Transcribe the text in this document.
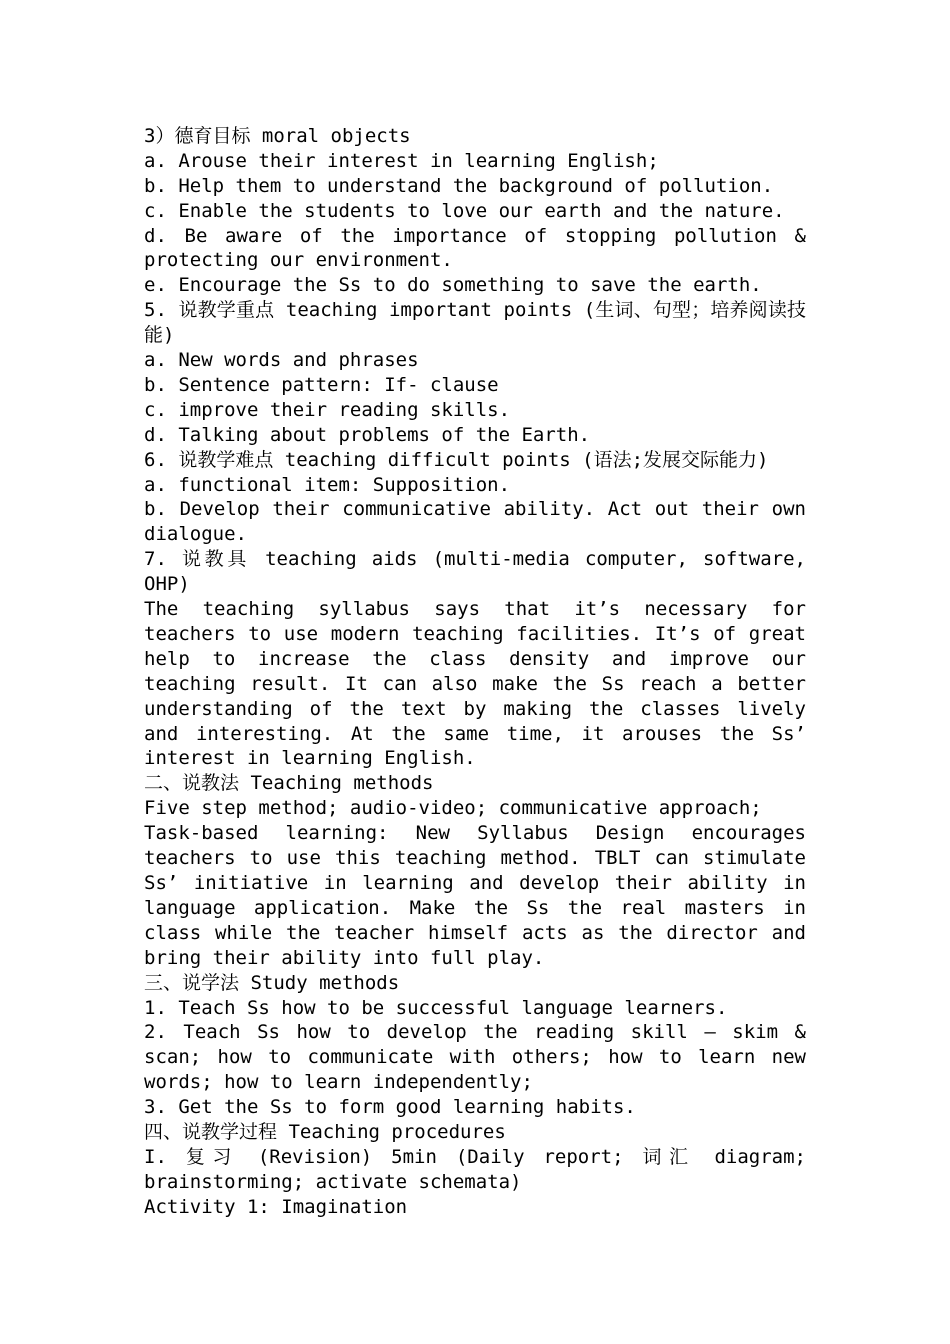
3）德育目标 moral objects
a. Arouse their interest in learning English;
b. Help them to understand the background of pollution.
c. Enable the students to love our earth and the nature.
d. Be aware of the importance of stopping pollution & protecting our environment.
e. Encourage the Ss to do something to save the earth.
5. 说教学重点 teaching important points (生词、句型；培养阅读技能)
a. New words and phrases
b. Sentence pattern: If- clause
c. improve their reading skills.
d. Talking about problems of the Earth.
6. 说教学难点 teaching difficult points (语法;发展交际能力)
a. functional item: Supposition.
b. Develop their communicative ability. Act out their own dialogue.
7. 说教具 teaching aids (multi-media computer, software, OHP)
The teaching syllabus says that it’s necessary for teachers to use modern teaching facilities. It’s of great help to increase the class density and improve our teaching result. It can also make the Ss reach a better understanding of the text by making the classes lively and interesting. At the same time, it arouses the Ss’ interest in learning English.
二、说教法 Teaching methods
Five step method; audio-video; communicative approach;
Task-based learning: New Syllabus Design encourages teachers to use this teaching method. TBLT can stimulate Ss’ initiative in learning and develop their ability in language application. Make the Ss the real masters in class while the teacher himself acts as the director and bring their ability into full play.
三、说学法 Study methods
1. Teach Ss how to be successful language learners.
2. Teach Ss how to develop the reading skill — skim & scan; how to communicate with others; how to learn new words; how to learn independently;
3. Get the Ss to form good learning habits.
四、说教学过程 Teaching procedures
I. 复习 (Revision) 5min (Daily report; 词汇 diagram; brainstorming; activate schemata)
Activity 1: Imagination
